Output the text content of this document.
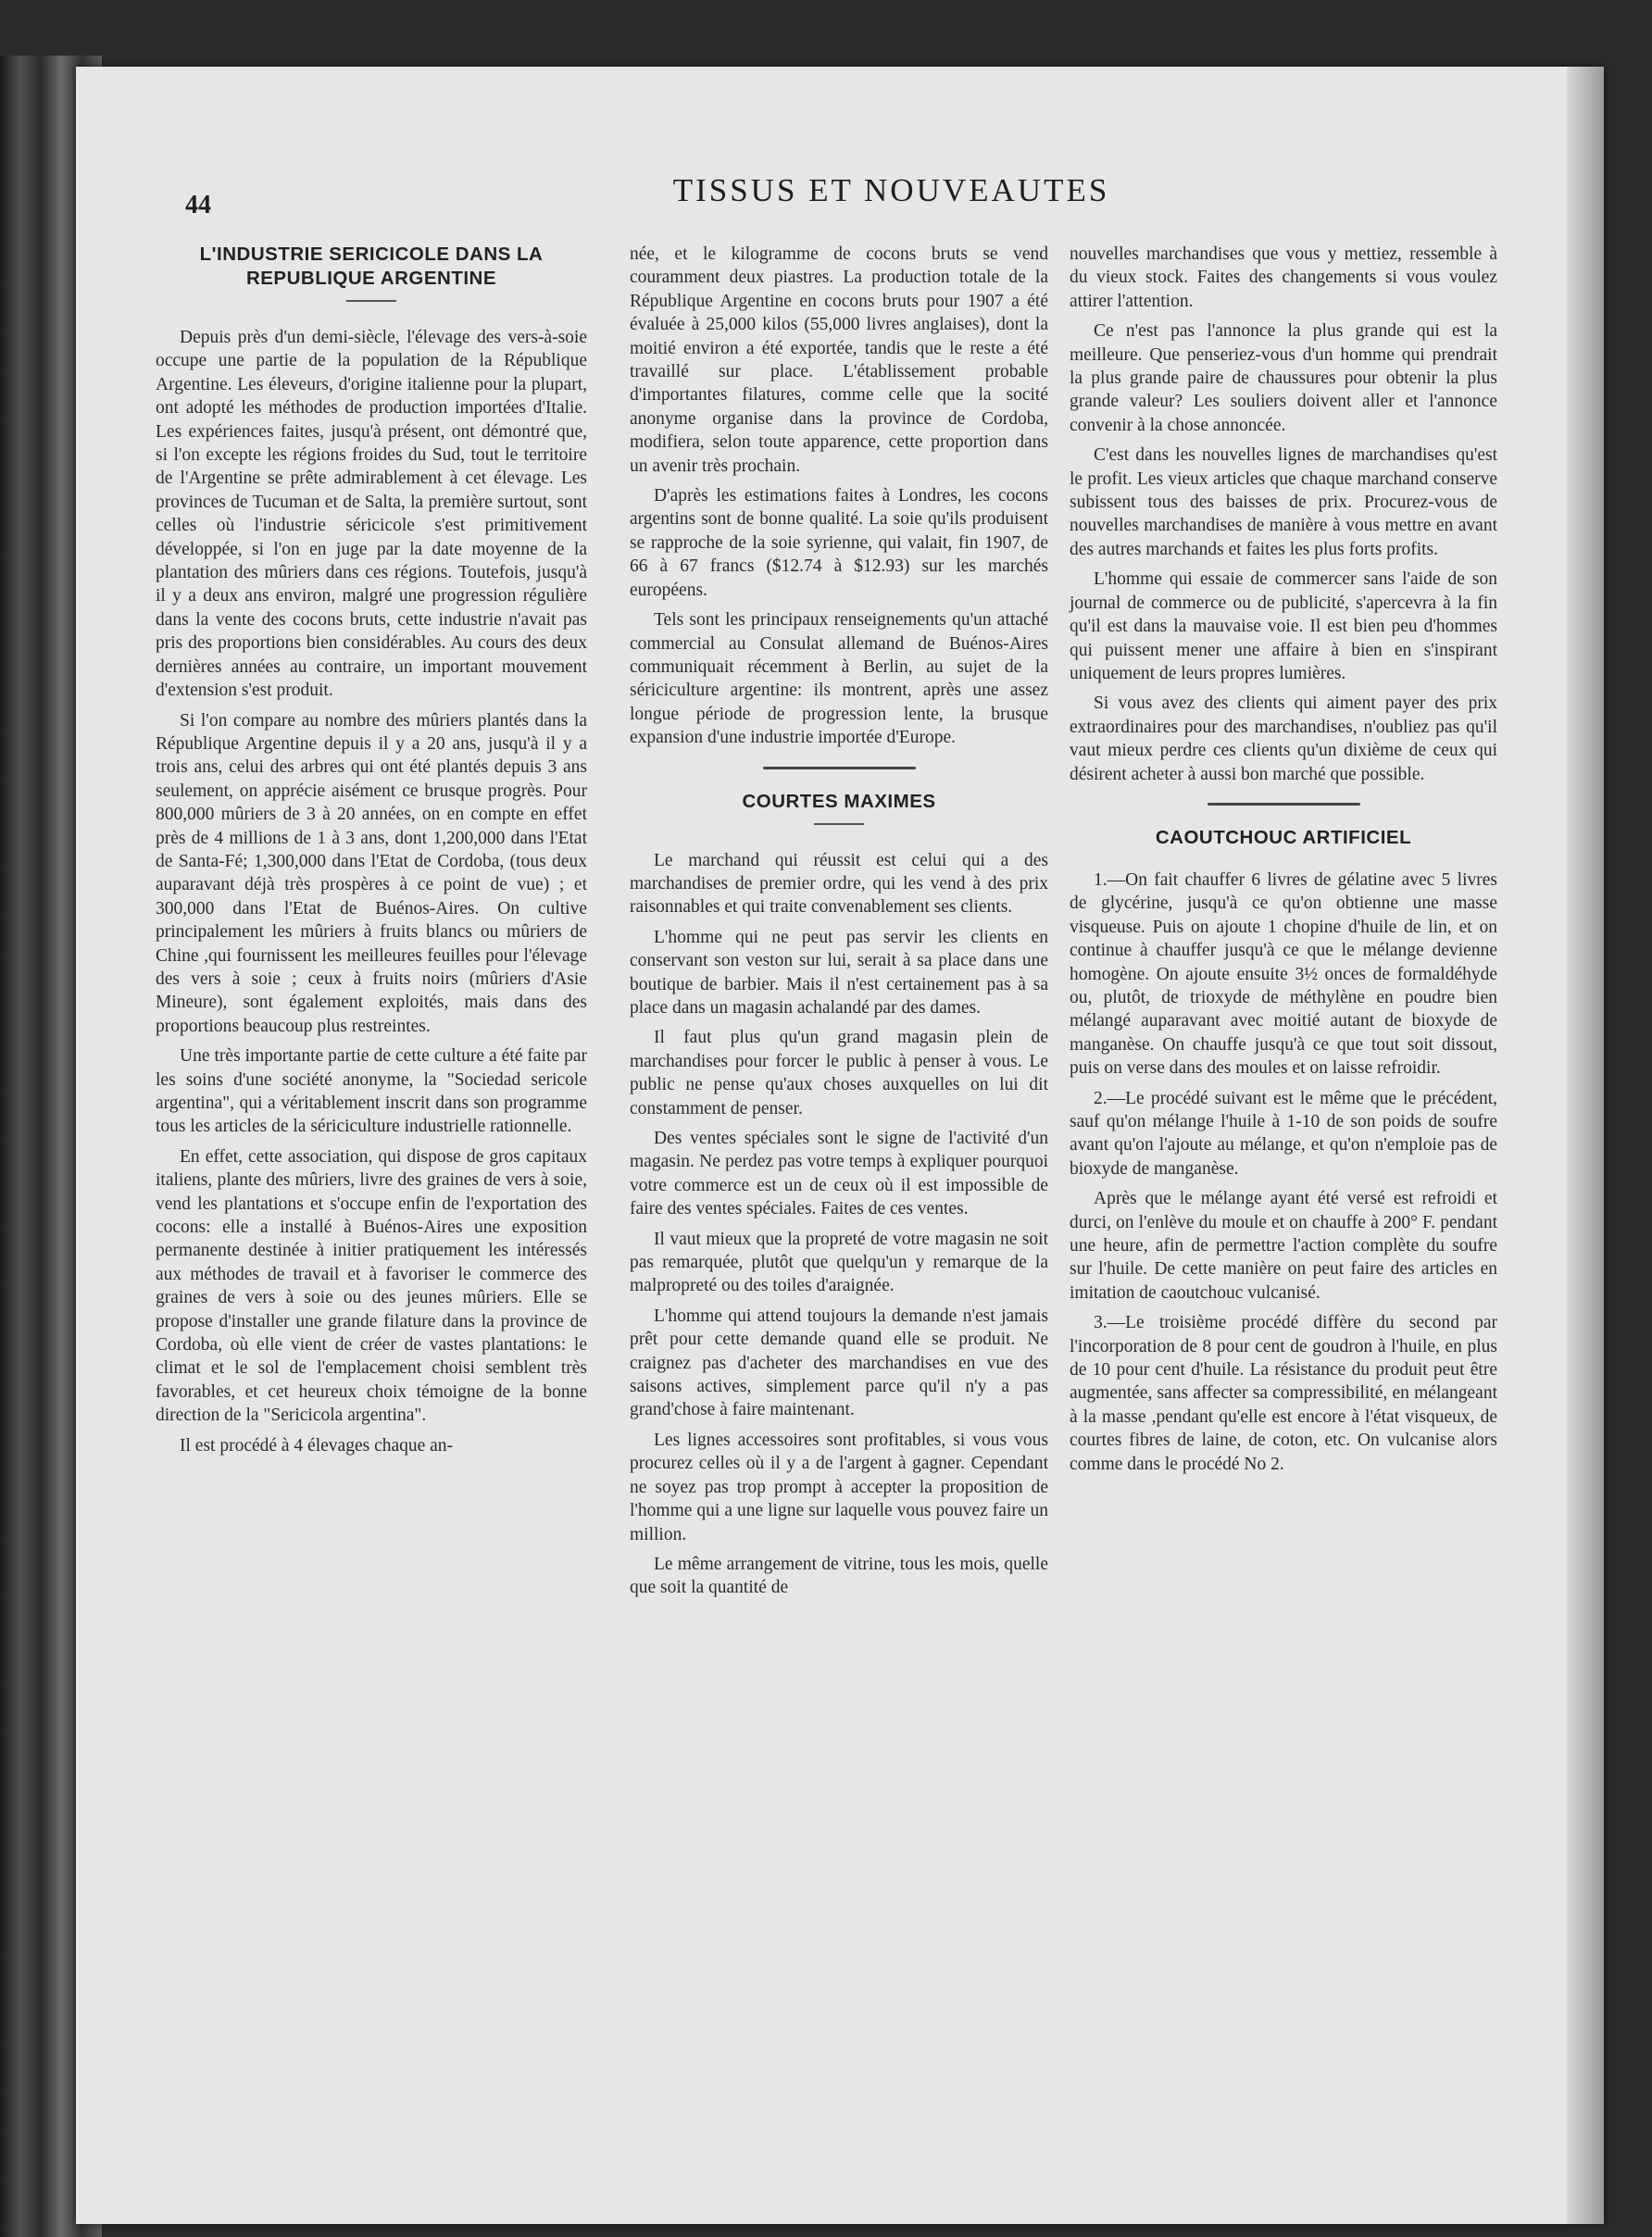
44	TISSUS ET NOUVEAUTES
L'INDUSTRIE SERICICOLE DANS LA
REPUBLIQUE ARGENTINE

Depuis près d'un demi-siècle, l'élevage des vers-à-soie occupe une partie de la population de la République Argentine. Les éleveurs, d'origine italienne pour la plupart, ont adopté les méthodes de production importées d'Italie. Les expériences faites, jusqu'à présent, ont démontré que, si l'on excepte les régions froides du Sud, tout le territoire de l'Argentine se prête admirablement à cet élevage. Les provinces de Tucuman et de Salta, la première surtout, sont celles où l'industrie séricicole s'est primitivement développée, si l'on en juge par la date moyenne de la plantation des mûriers dans ces régions. Toutefois, jusqu'à il y a deux ans environ, malgré une progression régulière dans la vente des cocons bruts, cette industrie n'avait pas pris des proportions bien considérables. Au cours des deux dernières années au contraire, un important mouvement d'extension s'est produit.

Si l'on compare au nombre des mûriers plantés dans la République Argentine depuis il y a 20 ans, jusqu'à il y a trois ans, celui des arbres qui ont été plantés depuis 3 ans seulement, on apprécie aisément ce brusque progrès. Pour 800,000 mûriers de 3 à 20 années, on en compte en effet près de 4 millions de 1 à 3 ans, dont 1,200,000 dans l'Etat de Santa-Fé; 1,300,000 dans l'Etat de Cordoba, (tous deux auparavant déjà très prospères à ce point de vue) ; et 300,000 dans l'Etat de Buénos-Aires. On cultive principalement les mûriers à fruits blancs ou mûriers de Chine ,qui fournissent les meilleures feuilles pour l'élevage des vers à soie ; ceux à fruits noirs (mûriers d'Asie Mineure), sont également exploités, mais dans des proportions beaucoup plus restreintes.

Une très importante partie de cette culture a été faite par les soins d'une société anonyme, la "Sociedad sericole argentina", qui a véritablement inscrit dans son programme tous les articles de la sériciculture industrielle rationnelle.

En effet, cette association, qui dispose de gros capitaux italiens, plante des mûriers, livre des graines de vers à soie, vend les plantations et s'occupe enfin de l'exportation des cocons: elle a installé à Buénos-Aires une exposition permanente destinée à initier pratiquement les intéressés aux méthodes de travail et à favoriser le commerce des graines de vers à soie ou des jeunes mûriers. Elle se propose d'installer une grande filature dans la province de Cordoba, où elle vient de créer de vastes plantations: le climat et le sol de l'emplacement choisi semblent très favorables, et cet heureux choix témoigne de la bonne direction de la "Sericicola argentina".

Il est procédé à 4 élevages chaque an-

née, et le kilogramme de cocons bruts se vend couramment deux piastres. La production totale de la République Argentine en cocons bruts pour 1907 a été évaluée à 25,000 kilos (55,000 livres anglaises), dont la moitié environ a été exportée, tandis que le reste a été travaillé sur place. L'établissement probable d'importantes filatures, comme celle que la socité anonyme organise dans la province de Cordoba, modifiera, selon toute apparence, cette proportion dans un avenir très prochain.

D'après les estimations faites à Londres, les cocons argentins sont de bonne qualité. La soie qu'ils produisent se rapproche de la soie syrienne, qui valait, fin 1907, de 66 à 67 francs ($12.74 à $12.93) sur les marchés européens.

Tels sont les principaux renseignements qu'un attaché commercial au Consulat allemand de Buénos-Aires communiquait récemment à Berlin, au sujet de la sériciculture argentine: ils montrent, après une assez longue période de progression lente, la brusque expansion d'une industrie importée d'Europe.

COURTES MAXIMES

Le marchand qui réussit est celui qui a des marchandises de premier ordre, qui les vend à des prix raisonnables et qui traite convenablement ses clients.

L'homme qui ne peut pas servir les clients en conservant son veston sur lui, serait à sa place dans une boutique de barbier. Mais il n'est certainement pas à sa place dans un magasin achalandé par des dames.

Il faut plus qu'un grand magasin plein de marchandises pour forcer le public à penser à vous. Le public ne pense qu'aux choses auxquelles on lui dit constamment de penser.

Des ventes spéciales sont le signe de l'activité d'un magasin. Ne perdez pas votre temps à expliquer pourquoi votre commerce est un de ceux où il est impossible de faire des ventes spéciales. Faites de ces ventes.

Il vaut mieux que la propreté de votre magasin ne soit pas remarquée, plutôt que quelqu'un y remarque de la malpropreté ou des toiles d'araignée.

L'homme qui attend toujours la demande n'est jamais prêt pour cette demande quand elle se produit. Ne craignez pas d'acheter des marchandises en vue des saisons actives, simplement parce qu'il n'y a pas grand'chose à faire maintenant.

Les lignes accessoires sont profitables, si vous vous procurez celles où il y a de l'argent à gagner. Cependant ne soyez pas trop prompt à accepter la proposition de l'homme qui a une ligne sur laquelle vous pouvez faire un million.

Le même arrangement de vitrine, tous les mois, quelle que soit la quantité de

nouvelles marchandises que vous y mettiez, ressemble à du vieux stock. Faites des changements si vous voulez attirer l'attention.

Ce n'est pas l'annonce la plus grande qui est la meilleure. Que penseriez-vous d'un homme qui prendrait la plus grande paire de chaussures pour obtenir la plus grande valeur? Les souliers doivent aller et l'annonce convenir à la chose annoncée.

C'est dans les nouvelles lignes de marchandises qu'est le profit. Les vieux articles que chaque marchand conserve subissent tous des baisses de prix. Procurez-vous de nouvelles marchandises de manière à vous mettre en avant des autres marchands et faites les plus forts profits.

L'homme qui essaie de commercer sans l'aide de son journal de commerce ou de publicité, s'apercevra à la fin qu'il est dans la mauvaise voie. Il est bien peu d'hommes qui puissent mener une affaire à bien en s'inspirant uniquement de leurs propres lumières.

Si vous avez des clients qui aiment payer des prix extraordinaires pour des marchandises, n'oubliez pas qu'il vaut mieux perdre ces clients qu'un dixième de ceux qui désirent acheter à aussi bon marché que possible.

CAOUTCHOUC ARTIFICIEL

1.—On fait chauffer 6 livres de gélatine avec 5 livres de glycérine, jusqu'à ce qu'on obtienne une masse visqueuse. Puis on ajoute 1 chopine d'huile de lin, et on continue à chauffer jusqu'à ce que le mélange devienne homogène. On ajoute ensuite 3½ onces de formaldéhyde ou, plutôt, de trioxyde de méthylène en poudre bien mélangé auparavant avec moitié autant de bioxyde de manganèse. On chauffe jusqu'à ce que tout soit dissout, puis on verse dans des moules et on laisse refroidir.

2.—Le procédé suivant est le même que le précédent, sauf qu'on mélange l'huile à 1-10 de son poids de soufre avant qu'on l'ajoute au mélange, et qu'on n'emploie pas de bioxyde de manganèse.

Après que le mélange ayant été versé est refroidi et durci, on l'enlève du moule et on chauffe à 200° F. pendant une heure, afin de permettre l'action complète du soufre sur l'huile. De cette manière on peut faire des articles en imitation de caoutchouc vulcanisé.

3.—Le troisième procédé diffère du second par l'incorporation de 8 pour cent de goudron à l'huile, en plus de 10 pour cent d'huile. La résistance du produit peut être augmentée, sans affecter sa compressibilité, en mélangeant à la masse ,pendant qu'elle est encore à l'état visqueux, de courtes fibres de laine, de coton, etc. On vulcanise alors comme dans le procédé No 2.
